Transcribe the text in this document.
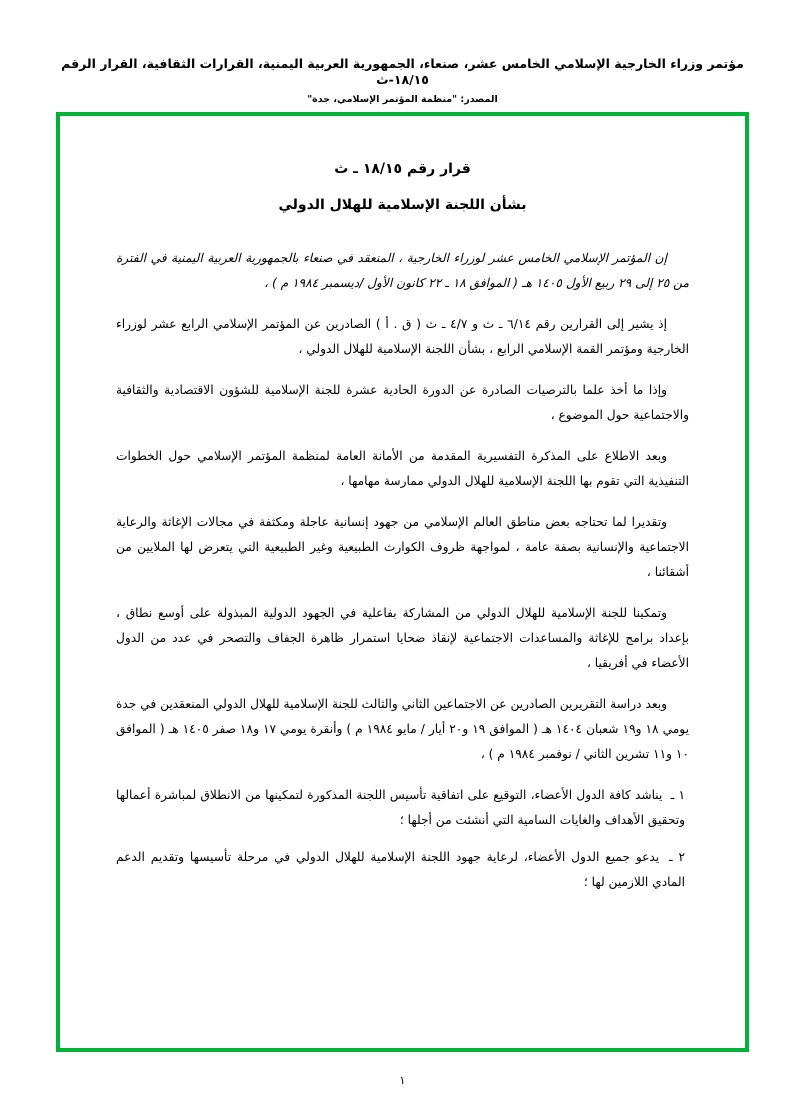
مؤتمر وزراء الخارجية الإسلامي الخامس عشر، صنعاء، الجمهورية العربية اليمنية، القرارات الثقافية، القرار الرقم ١٨/١٥-ث
المصدر: "منظمة المؤتمر الإسلامي، جدة"
قرار رقم ١٨/١٥ ـ ث
بشأن اللجنة الإسلامية للهلال الدولي
إن المؤتمر الإسلامي الخامس عشر لوزراء الخارجية ، المنعقد في صنعاء بالجمهورية العربية اليمنية في الفترة من ٢٥ إلى ٢٩ ربيع الأول ١٤٠٥ هـ ( الموافق ١٨ ـ ٢٢ كانون الأول /ديسمبر ١٩٨٤ م ) ،
إذ يشير إلى القرارين رقم ٦/١٤ ـ ث و ٤/٧ ـ ث ( ق . أ ) الصادرين عن المؤتمر الإسلامي الرابع عشر لوزراء الخارجية ومؤتمر القمة الإسلامي الرابع ، بشأن اللجنة الإسلامية للهلال الدولي ،
وإذا ما أخذ علما بالترصيات الصادرة عن الدورة الحادية عشرة للجنة الإسلامية للشؤون الاقتصادية والثقافية والاجتماعية حول الموضوع ،
وبعد الاطلاع على المذكرة التفسيرية المقدمة من الأمانة العامة لمنظمة المؤتمر الإسلامي حول الخطوات التنفيذية التي تقوم بها اللجنة الإسلامية للهلال الدولي ممارسة مهامها ،
وتقديرا لما تحتاجه بعض مناطق العالم الإسلامي من جهود إنسانية عاجلة ومكثفة في مجالات الإغاثة والرعاية الاجتماعية والإنسانية بصفة عامة ، لمواجهة ظروف الكوارث الطبيعية وغير الطبيعية التي يتعرض لها الملايين من أشقائنا ،
وتمكينا للجنة الإسلامية للهلال الدولي من المشاركة بفاعلية في الجهود الدولية المبذولة على أوسع نطاق ، بإعداد برامج للإغاثة والمساعدات الاجتماعية لإنقاذ ضحايا استمرار ظاهرة الجفاف والتصحر في عدد من الدول الأعضاء في أفريقيا ،
وبعد دراسة التقريرين الصادرين عن الاجتماعين الثاني والثالث للجنة الإسلامية للهلال الدولي المنعقدين في جدة يومي ١٨ و١٩ شعبان ١٤٠٤ هـ ( الموافق ١٩ و٢٠ أيار / مايو ١٩٨٤ م ) وأنقرة يومي ١٧ و١٨ صفر ١٤٠٥ هـ ( الموافق ١٠ و١١ تشرين الثاني / نوفمبر ١٩٨٤ م ) ،
١ ـ يناشد كافة الدول الأعضاء، التوقيع على اتفاقية تأسيس اللجنة المذكورة لتمكينها من الانطلاق لمباشرة أعمالها وتحقيق الأهداف والغايات السامية التي أنشئت من أجلها ؛
٢ ـ يدعو جميع الدول الأعضاء، لرعاية جهود اللجنة الإسلامية للهلال الدولي في مرحلة تأسيسها وتقديم الدعم المادي اللازمين لها ؛
١
